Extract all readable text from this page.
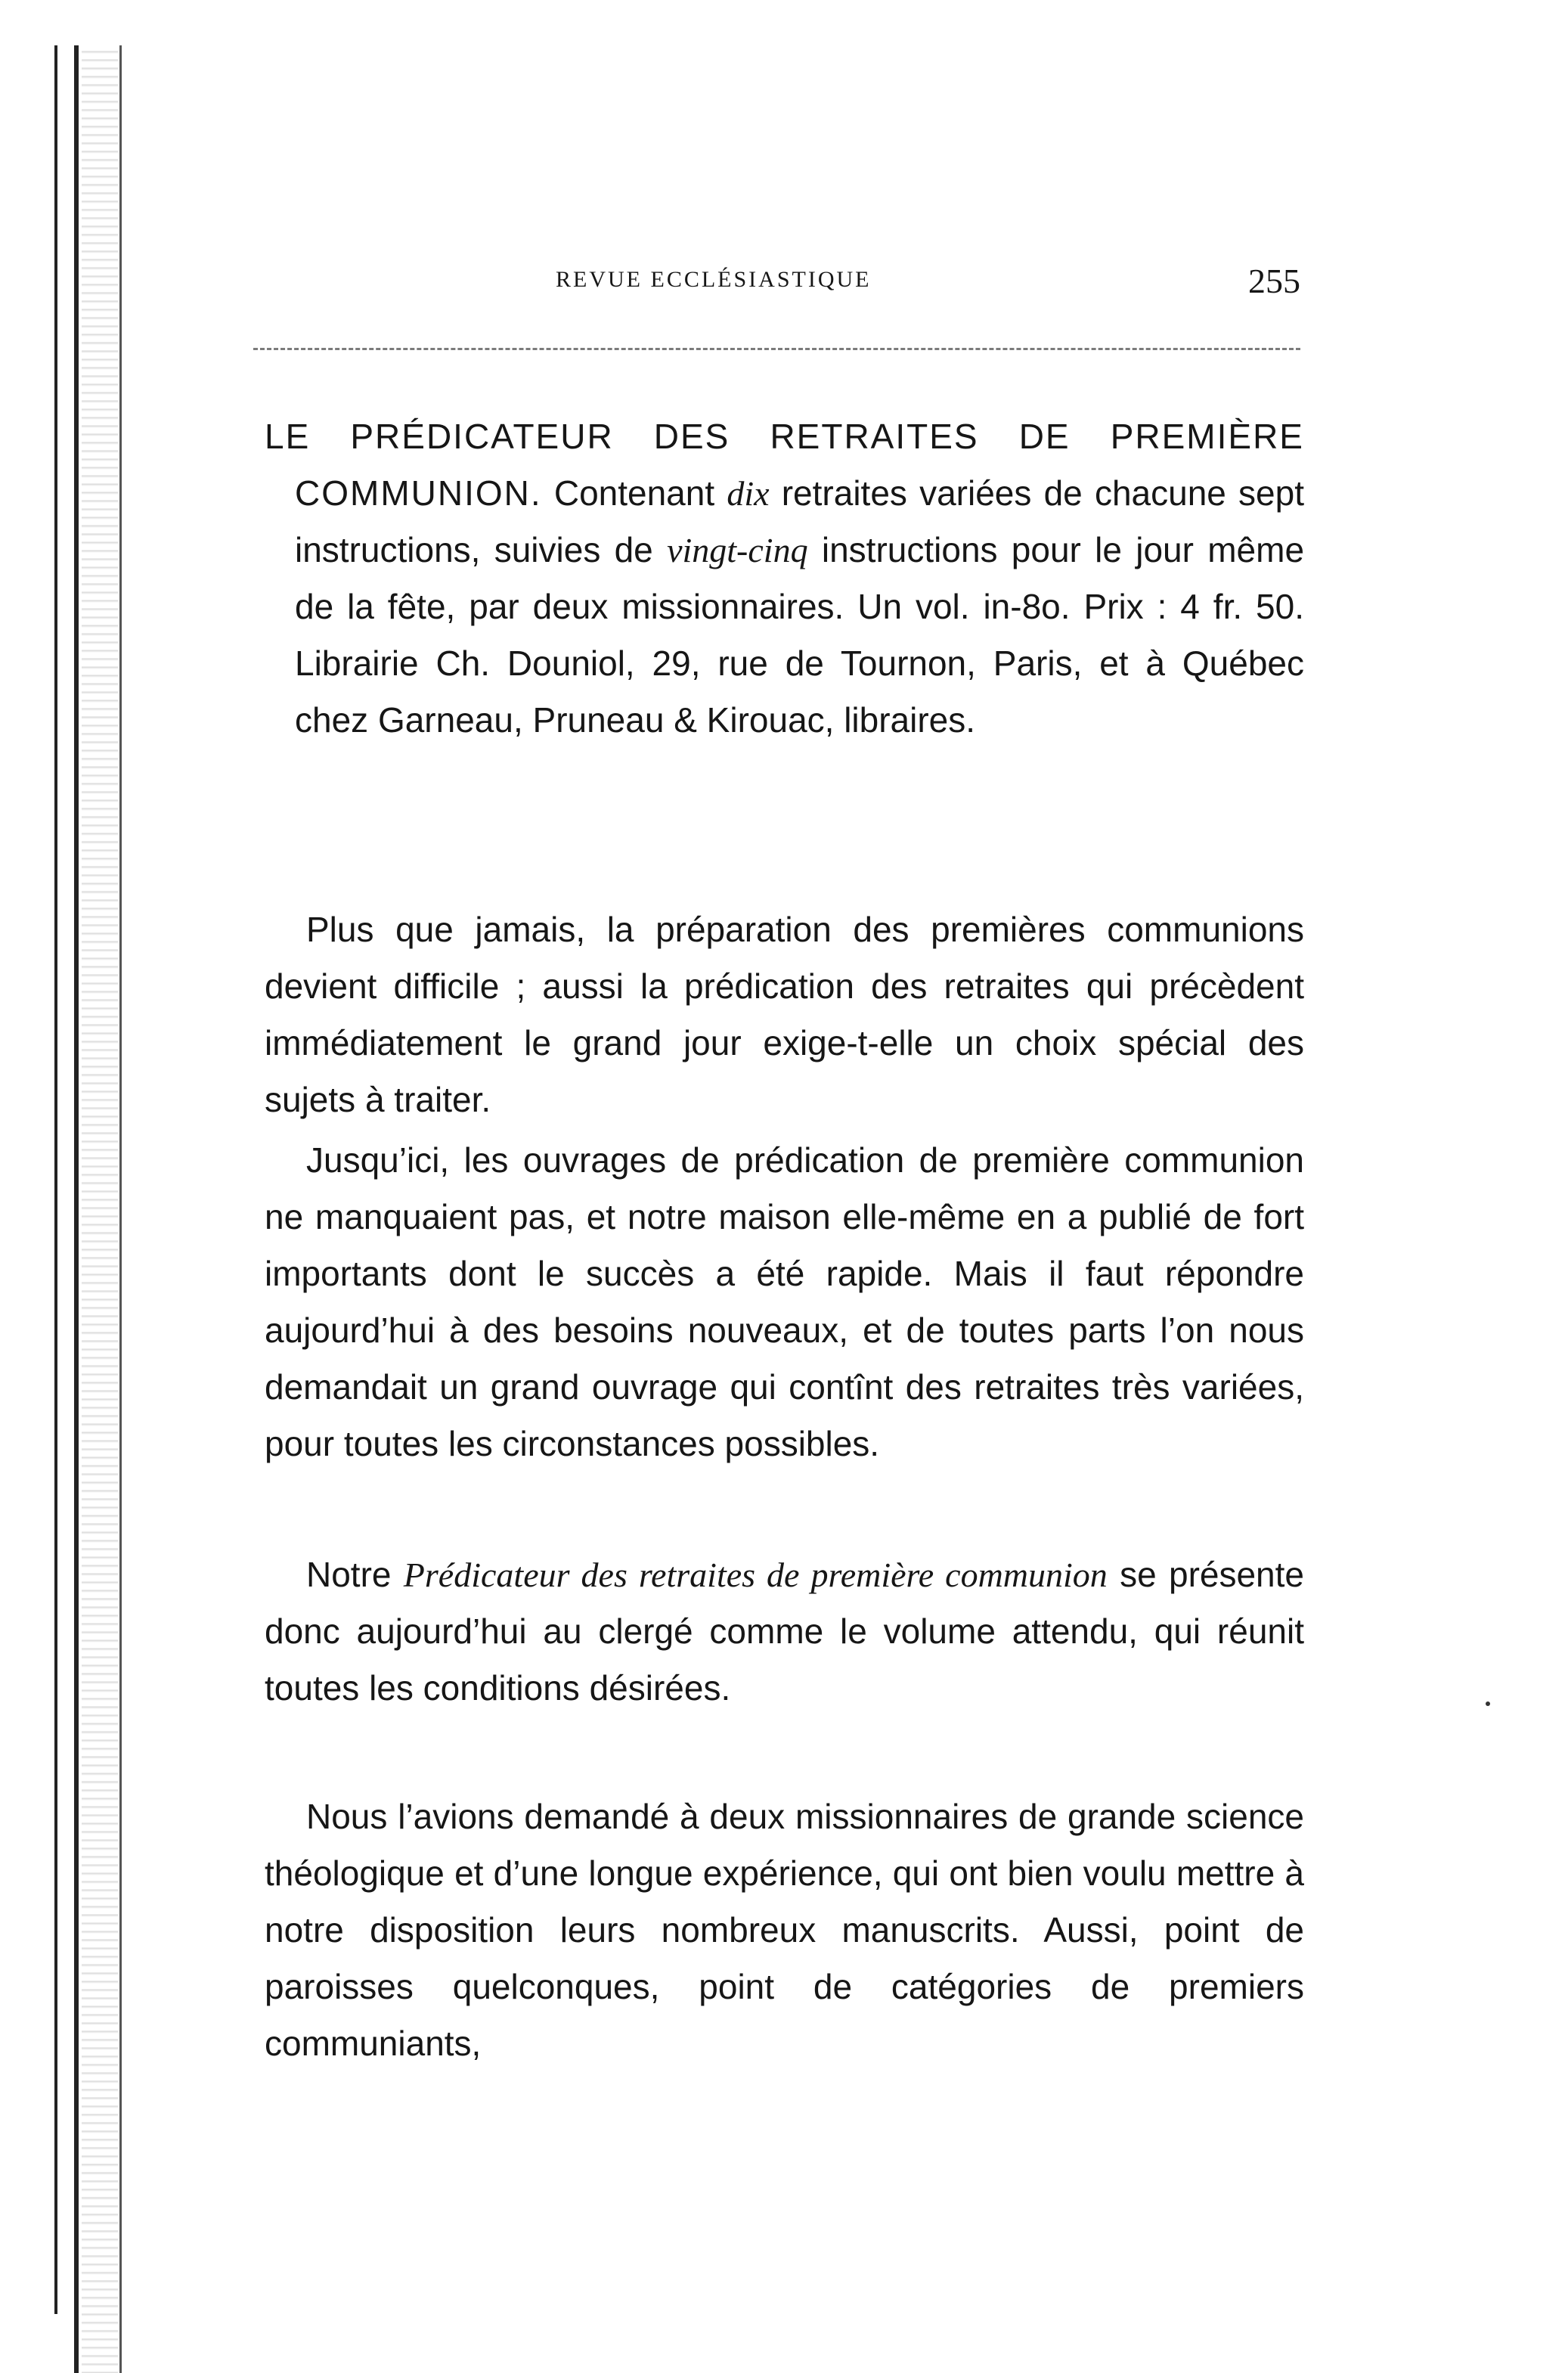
REVUE ECCLÉSIASTIQUE	255

LE PRÉDICATEUR DES RETRAITES DE PREMIÈRE COMMUNION. Contenant dix retraites variées de chacune sept instructions, suivies de vingt-cinq instructions pour le jour même de la fête, par deux missionnaires. Un vol. in-8o. Prix : 4 fr. 50. Librairie Ch. Douniol, 29, rue de Tournon, Paris, et à Québec chez Garneau, Pruneau & Kirouac, libraires.

Plus que jamais, la préparation des premières communions devient difficile ; aussi la prédication des retraites qui précèdent immédiatement le grand jour exige-t-elle un choix spécial des sujets à traiter.

Jusqu’ici, les ouvrages de prédication de première communion ne manquaient pas, et notre maison elle-même en a publié de fort importants dont le succès a été rapide. Mais il faut répondre aujourd’hui à des besoins nouveaux, et de toutes parts l’on nous demandait un grand ouvrage qui contînt des retraites très variées, pour toutes les circonstances possibles.

Notre Prédicateur des retraites de première communion se présente donc aujourd’hui au clergé comme le volume attendu, qui réunit toutes les conditions désirées.

Nous l’avions demandé à deux missionnaires de grande science théologique et d’une longue expérience, qui ont bien voulu mettre à notre disposition leurs nombreux manuscrits. Aussi, point de paroisses quelconques, point de catégories de premiers communiants,
